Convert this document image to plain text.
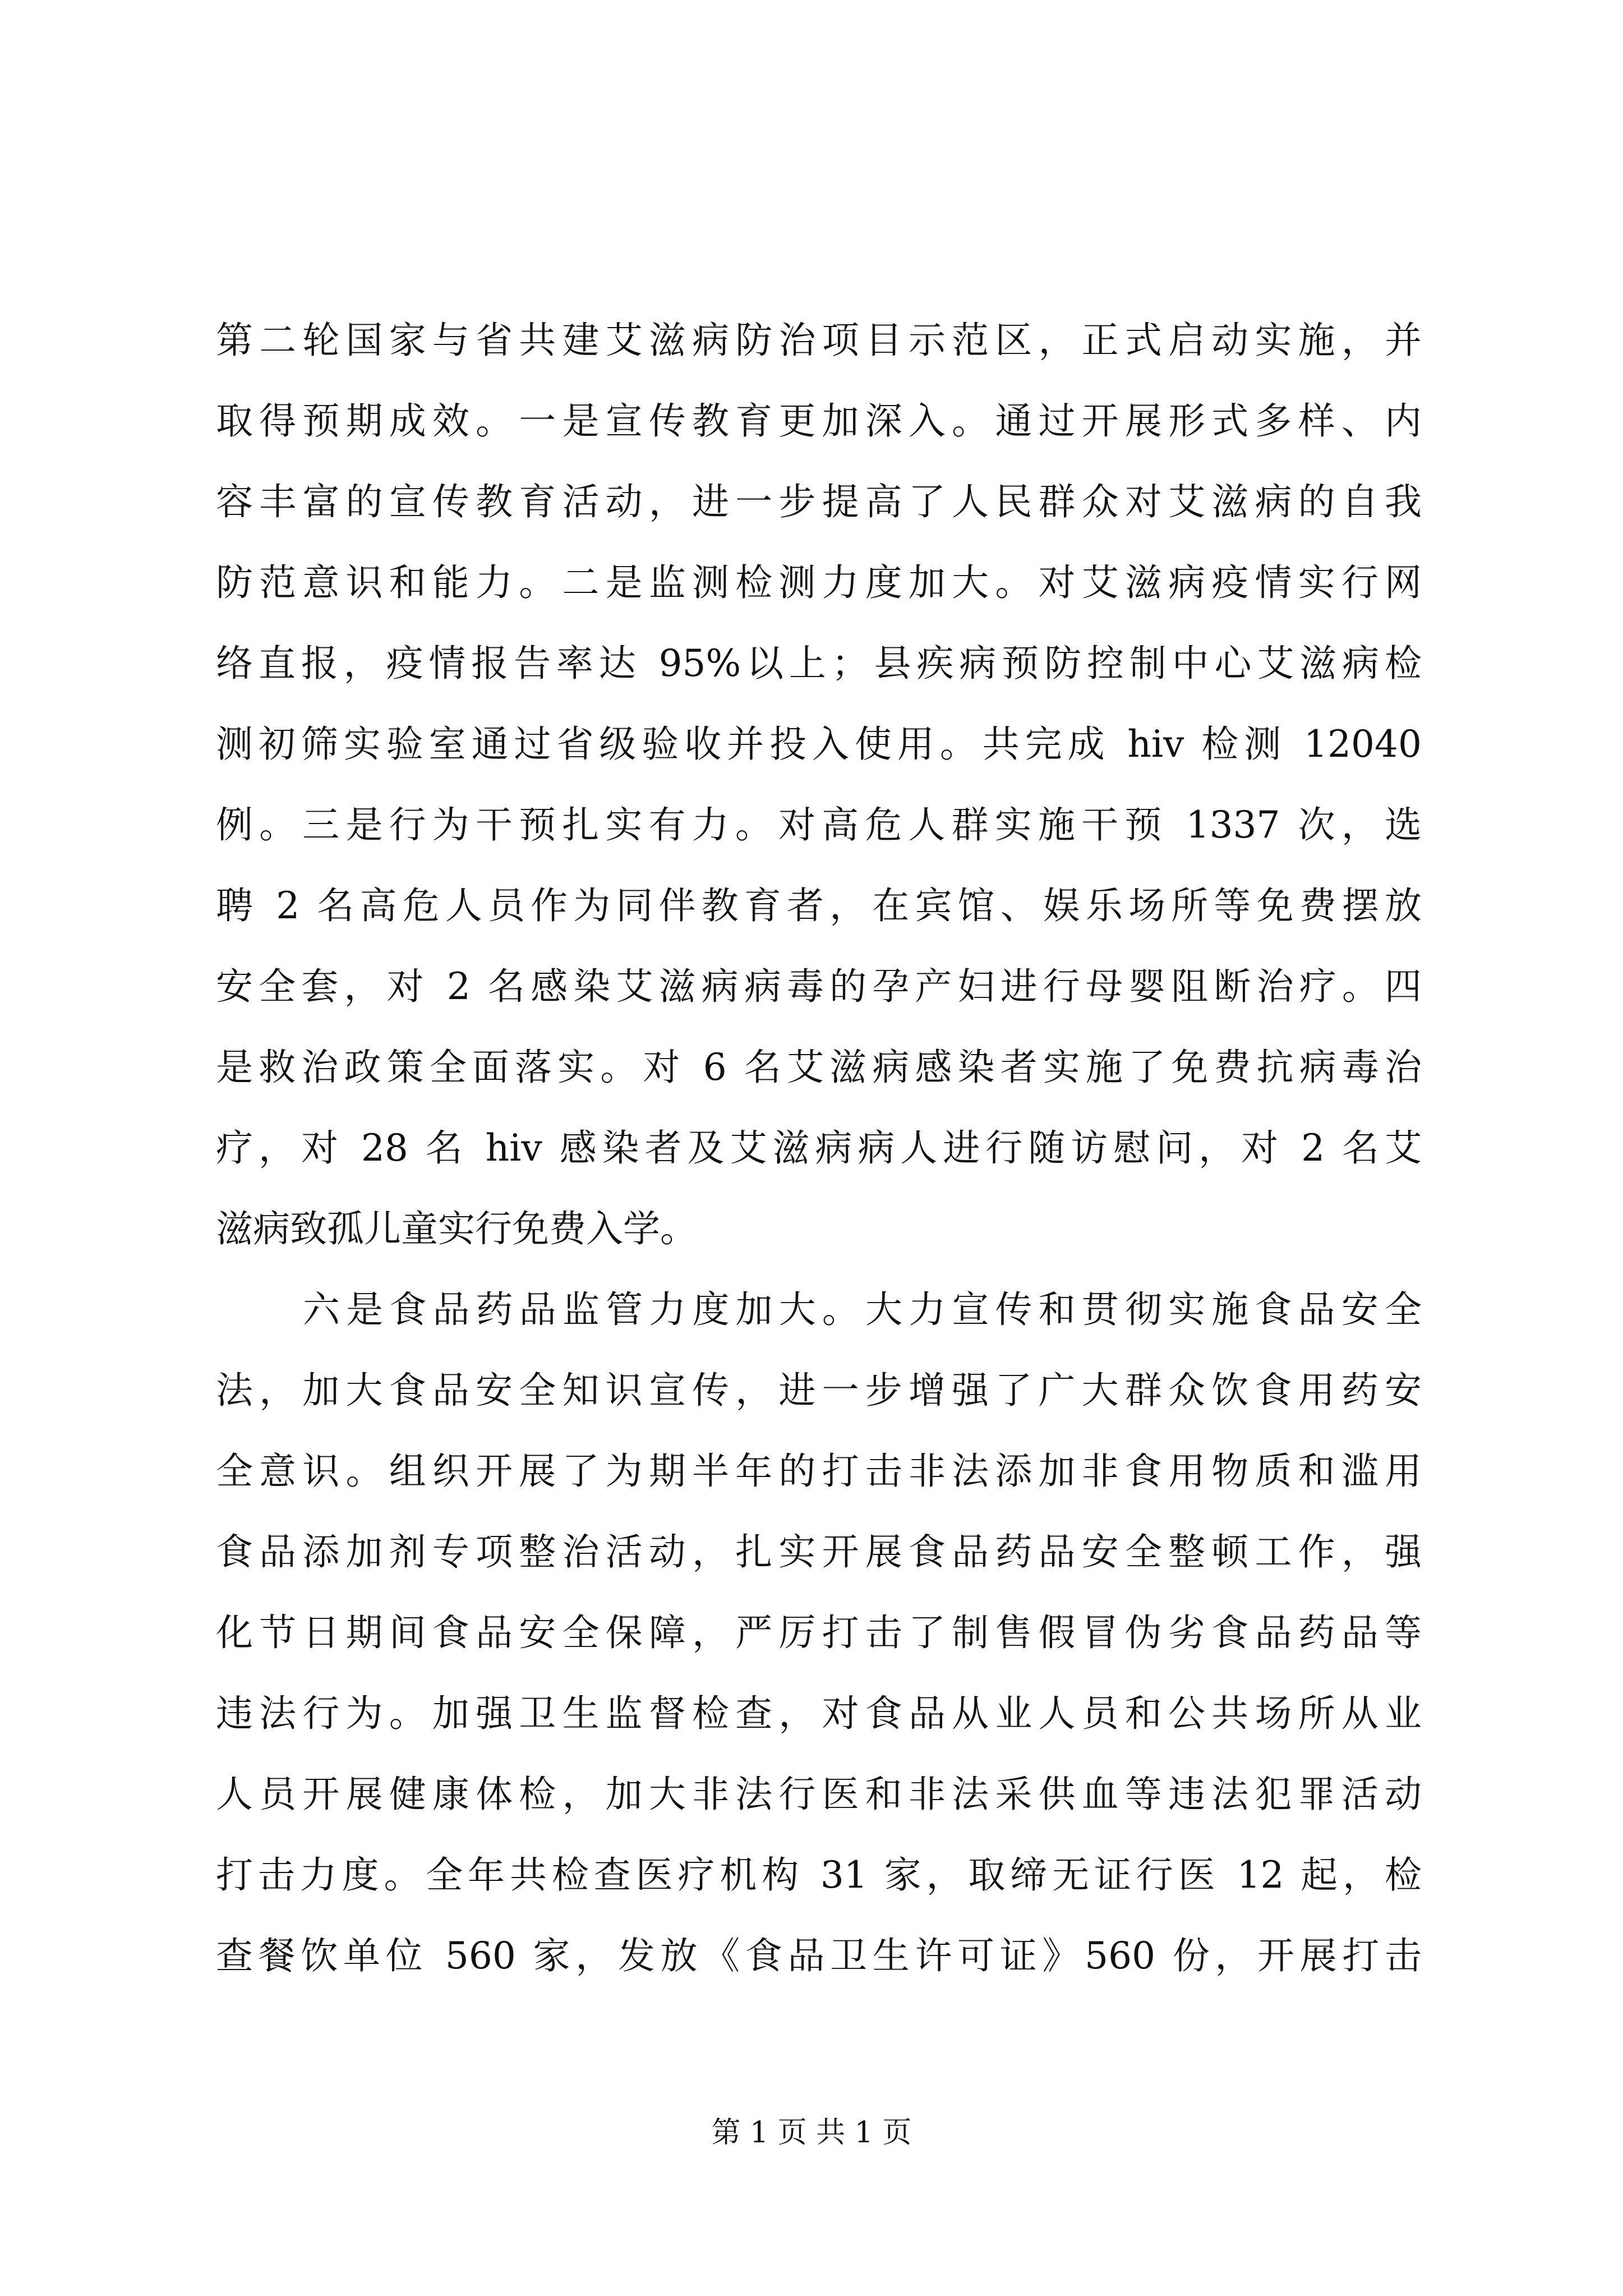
第二轮国家与省共建艾滋病防治项目示范区，正式启动实施，并
取得预期成效。一是宣传教育更加深入。通过开展形式多样、内
容丰富的宣传教育活动，进一步提高了人民群众对艾滋病的自我
防范意识和能力。二是监测检测力度加大。对艾滋病疫情实行网
络直报，疫情报告率达 95%以上；县疾病预防控制中心艾滋病检
测初筛实验室通过省级验收并投入使用。共完成 hiv 检测 12040
例。三是行为干预扎实有力。对高危人群实施干预 1337 次，选
聘 2 名高危人员作为同伴教育者，在宾馆、娱乐场所等免费摆放
安全套，对 2 名感染艾滋病病毒的孕产妇进行母婴阻断治疗。四
是救治政策全面落实。对 6 名艾滋病感染者实施了免费抗病毒治
疗，对 28 名 hiv 感染者及艾滋病病人进行随访慰问，对 2 名艾
滋病致孤儿童实行免费入学。
六是食品药品监管力度加大。大力宣传和贯彻实施食品安全
法，加大食品安全知识宣传，进一步增强了广大群众饮食用药安
全意识。组织开展了为期半年的打击非法添加非食用物质和滥用
食品添加剂专项整治活动，扎实开展食品药品安全整顿工作，强
化节日期间食品安全保障，严厉打击了制售假冒伪劣食品药品等
违法行为。加强卫生监督检查，对食品从业人员和公共场所从业
人员开展健康体检，加大非法行医和非法采供血等违法犯罪活动
打击力度。全年共检查医疗机构 31 家，取缔无证行医 12 起，检
查餐饮单位 560 家，发放《食品卫生许可证》560 份，开展打击
第 1 页 共 1 页
